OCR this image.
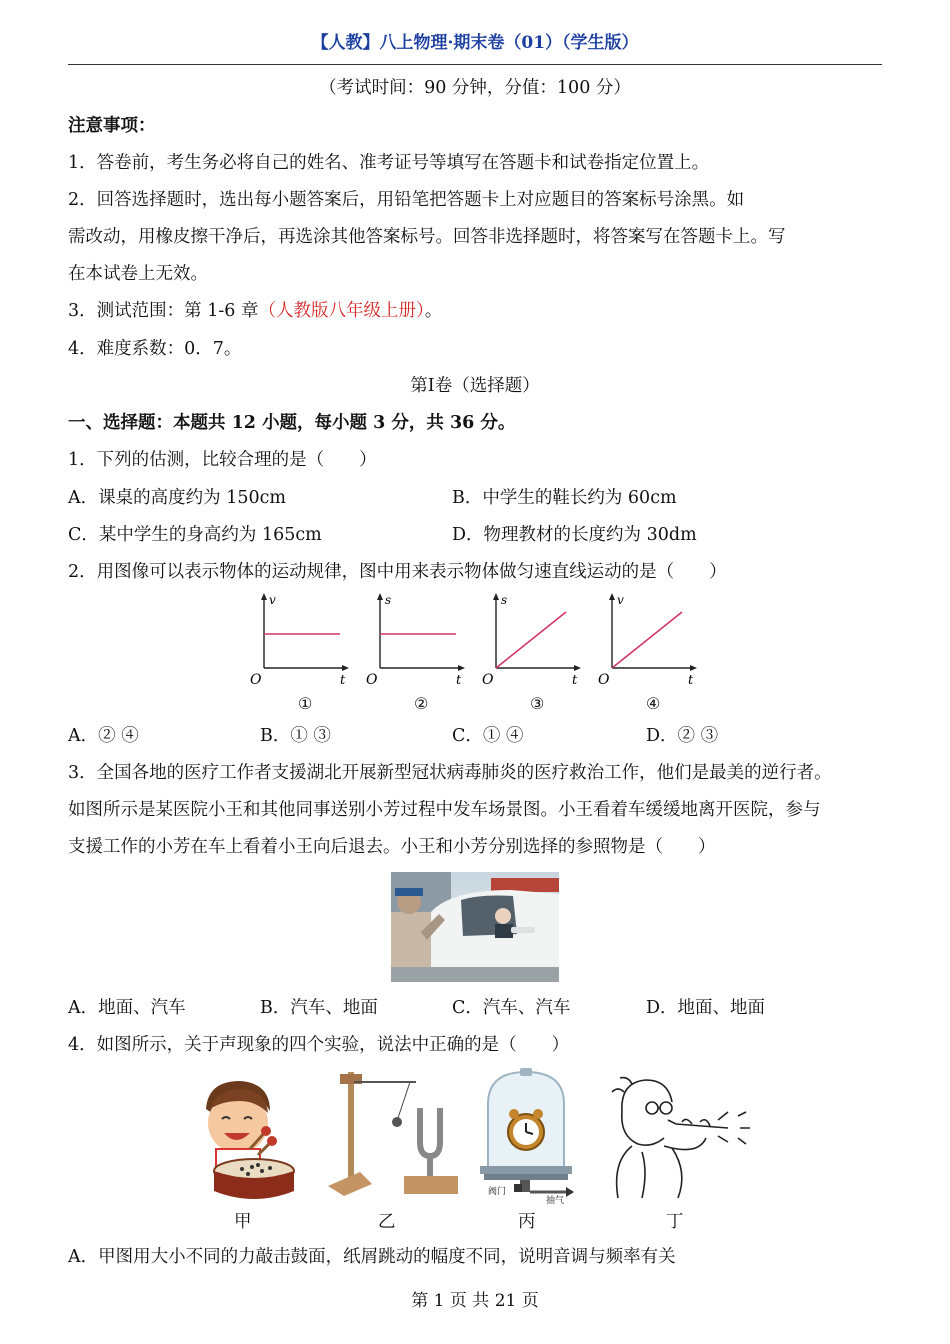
【人教】八上物理·期末卷（01）（学生版）
（考试时间：90 分钟，分值：100 分）
注意事项：
1．答卷前，考生务必将自己的姓名、准考证号等填写在答题卡和试卷指定位置上。
2．回答选择题时，选出每小题答案后，用铅笔把答题卡上对应题目的答案标号涂黑。如
需改动，用橡皮擦干净后，再选涂其他答案标号。回答非选择题时，将答案写在答题卡上。写
在本试卷上无效。
3．测试范围：第 1-6 章（人教版八年级上册）。
4．难度系数：0．7。
第Ⅰ卷（选择题）
一、选择题：本题共 12 小题，每小题 3 分，共 36 分。
1．下列的估测，比较合理的是（　　）
A．课桌的高度约为 150cm	B．中学生的鞋长约为 60cm
C．某中学生的身高约为 165cm	D．物理教材的长度约为 30dm
2．用图像可以表示物体的运动规律，图中用来表示物体做匀速直线运动的是（　　）
v
t
O
①
s
t
O
②
s
t
O
③
v
t
O
④
A．② ④	B．① ③	C．① ④	D．② ③
3．全国各地的医疗工作者支援湖北开展新型冠状病毒肺炎的医疗救治工作，他们是最美的逆行者。
如图所示是某医院小王和其他同事送别小芳过程中发车场景图。小王看着车缓缓地离开医院，参与
支援工作的小芳在车上看着小王向后退去。小王和小芳分别选择的参照物是（　　）
A．地面、汽车	B．汽车、地面	C．汽车、汽车	D．地面、地面
4．如图所示，关于声现象的四个实验，说法中正确的是（　　）
阀门
抽气
甲	乙	丙	丁
A．甲图用大小不同的力敲击鼓面，纸屑跳动的幅度不同，说明音调与频率有关
第 1 页 共 21 页
